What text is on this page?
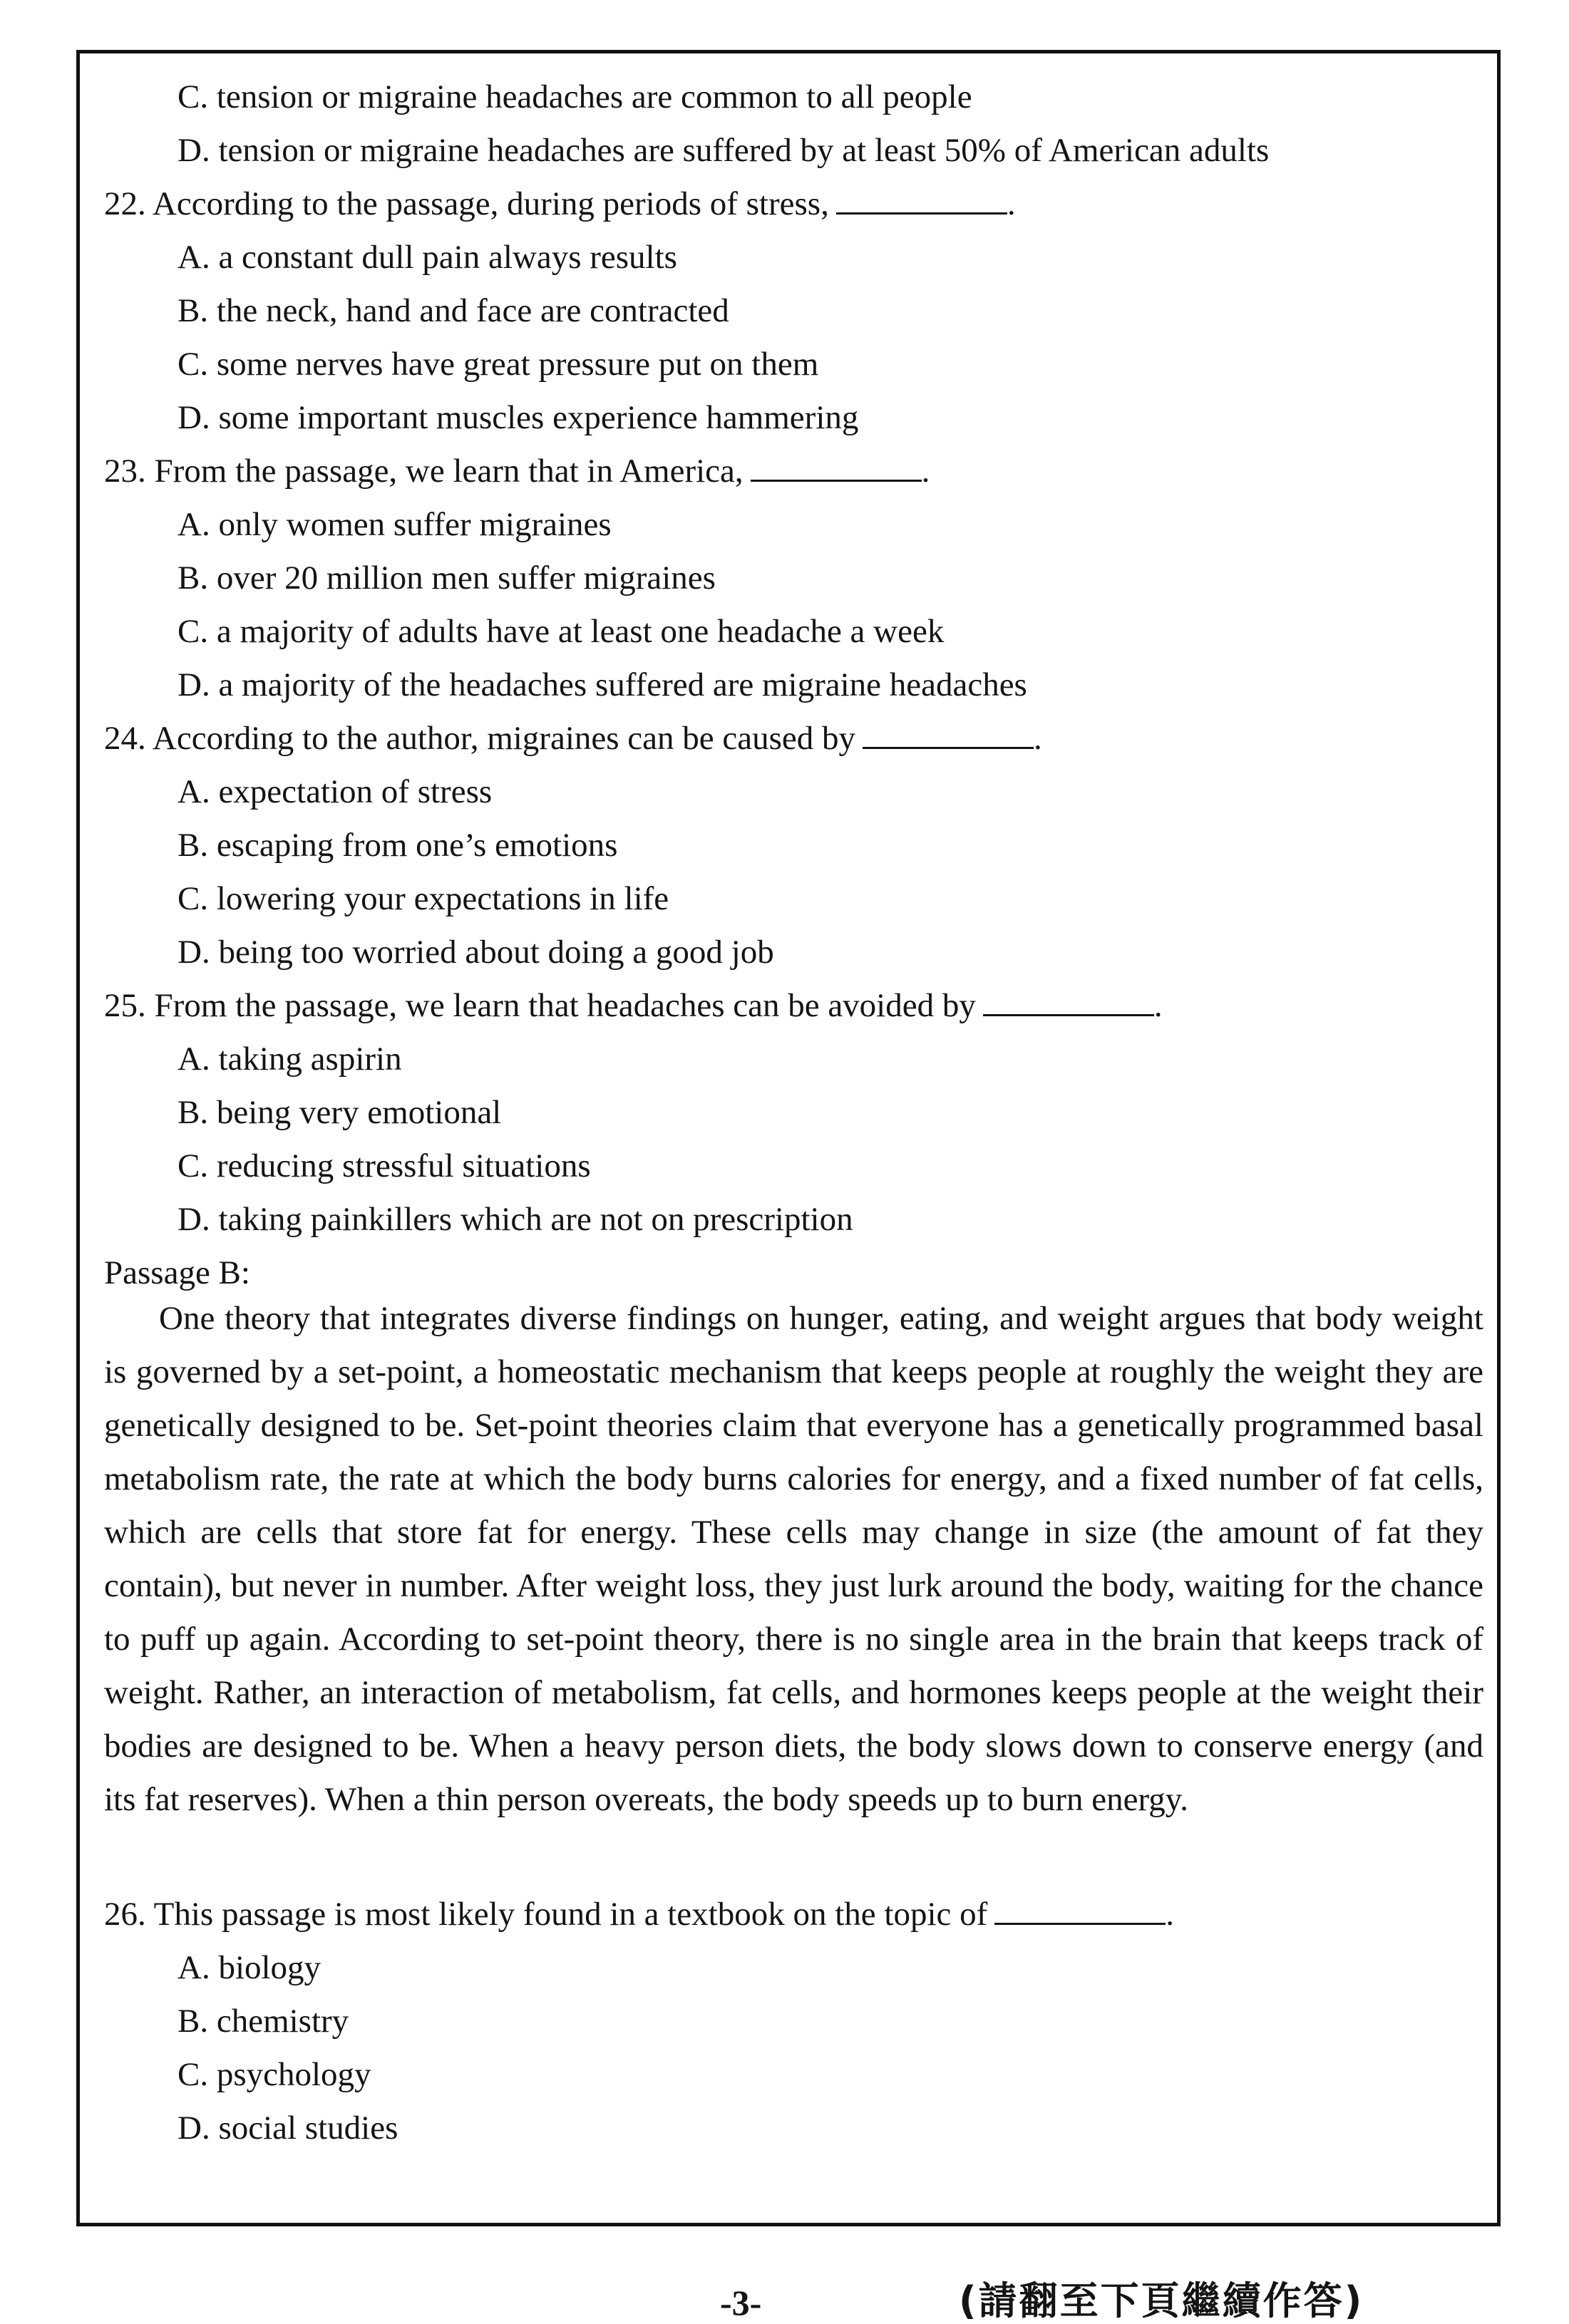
C. tension or migraine headaches are common to all people
D. tension or migraine headaches are suffered by at least 50% of American adults
22. According to the passage, during periods of stress,	.
A. a constant dull pain always results
B. the neck, hand and face are contracted
C. some nerves have great pressure put on them
D. some important muscles experience hammering
23. From the passage, we learn that in America,	.
A. only women suffer migraines
B. over 20 million men suffer migraines
C. a majority of adults have at least one headache a week
D. a majority of the headaches suffered are migraine headaches
24. According to the author, migraines can be caused by	.
A. expectation of stress
B. escaping from one’s emotions
C. lowering your expectations in life
D. being too worried about doing a good job
25. From the passage, we learn that headaches can be avoided by	.
A. taking aspirin
B. being very emotional
C. reducing stressful situations
D. taking painkillers which are not on prescription
Passage B:
One theory that integrates diverse findings on hunger, eating, and weight argues that body weight is governed by a set-point, a homeostatic mechanism that keeps people at roughly the weight they are genetically designed to be. Set-point theories claim that everyone has a genetically programmed basal metabolism rate, the rate at which the body burns calories for energy, and a fixed number of fat cells, which are cells that store fat for energy. These cells may change in size (the amount of fat they contain), but never in number. After weight loss, they just lurk around the body, waiting for the chance to puff up again. According to set-point theory, there is no single area in the brain that keeps track of weight. Rather, an interaction of metabolism, fat cells, and hormones keeps people at the weight their bodies are designed to be. When a heavy person diets, the body slows down to conserve energy (and its fat reserves). When a thin person overeats, the body speeds up to burn energy.
26. This passage is most likely found in a textbook on the topic of	.
A. biology
B. chemistry
C. psychology
D. social studies
-3-	(請翻至下頁繼續作答)
